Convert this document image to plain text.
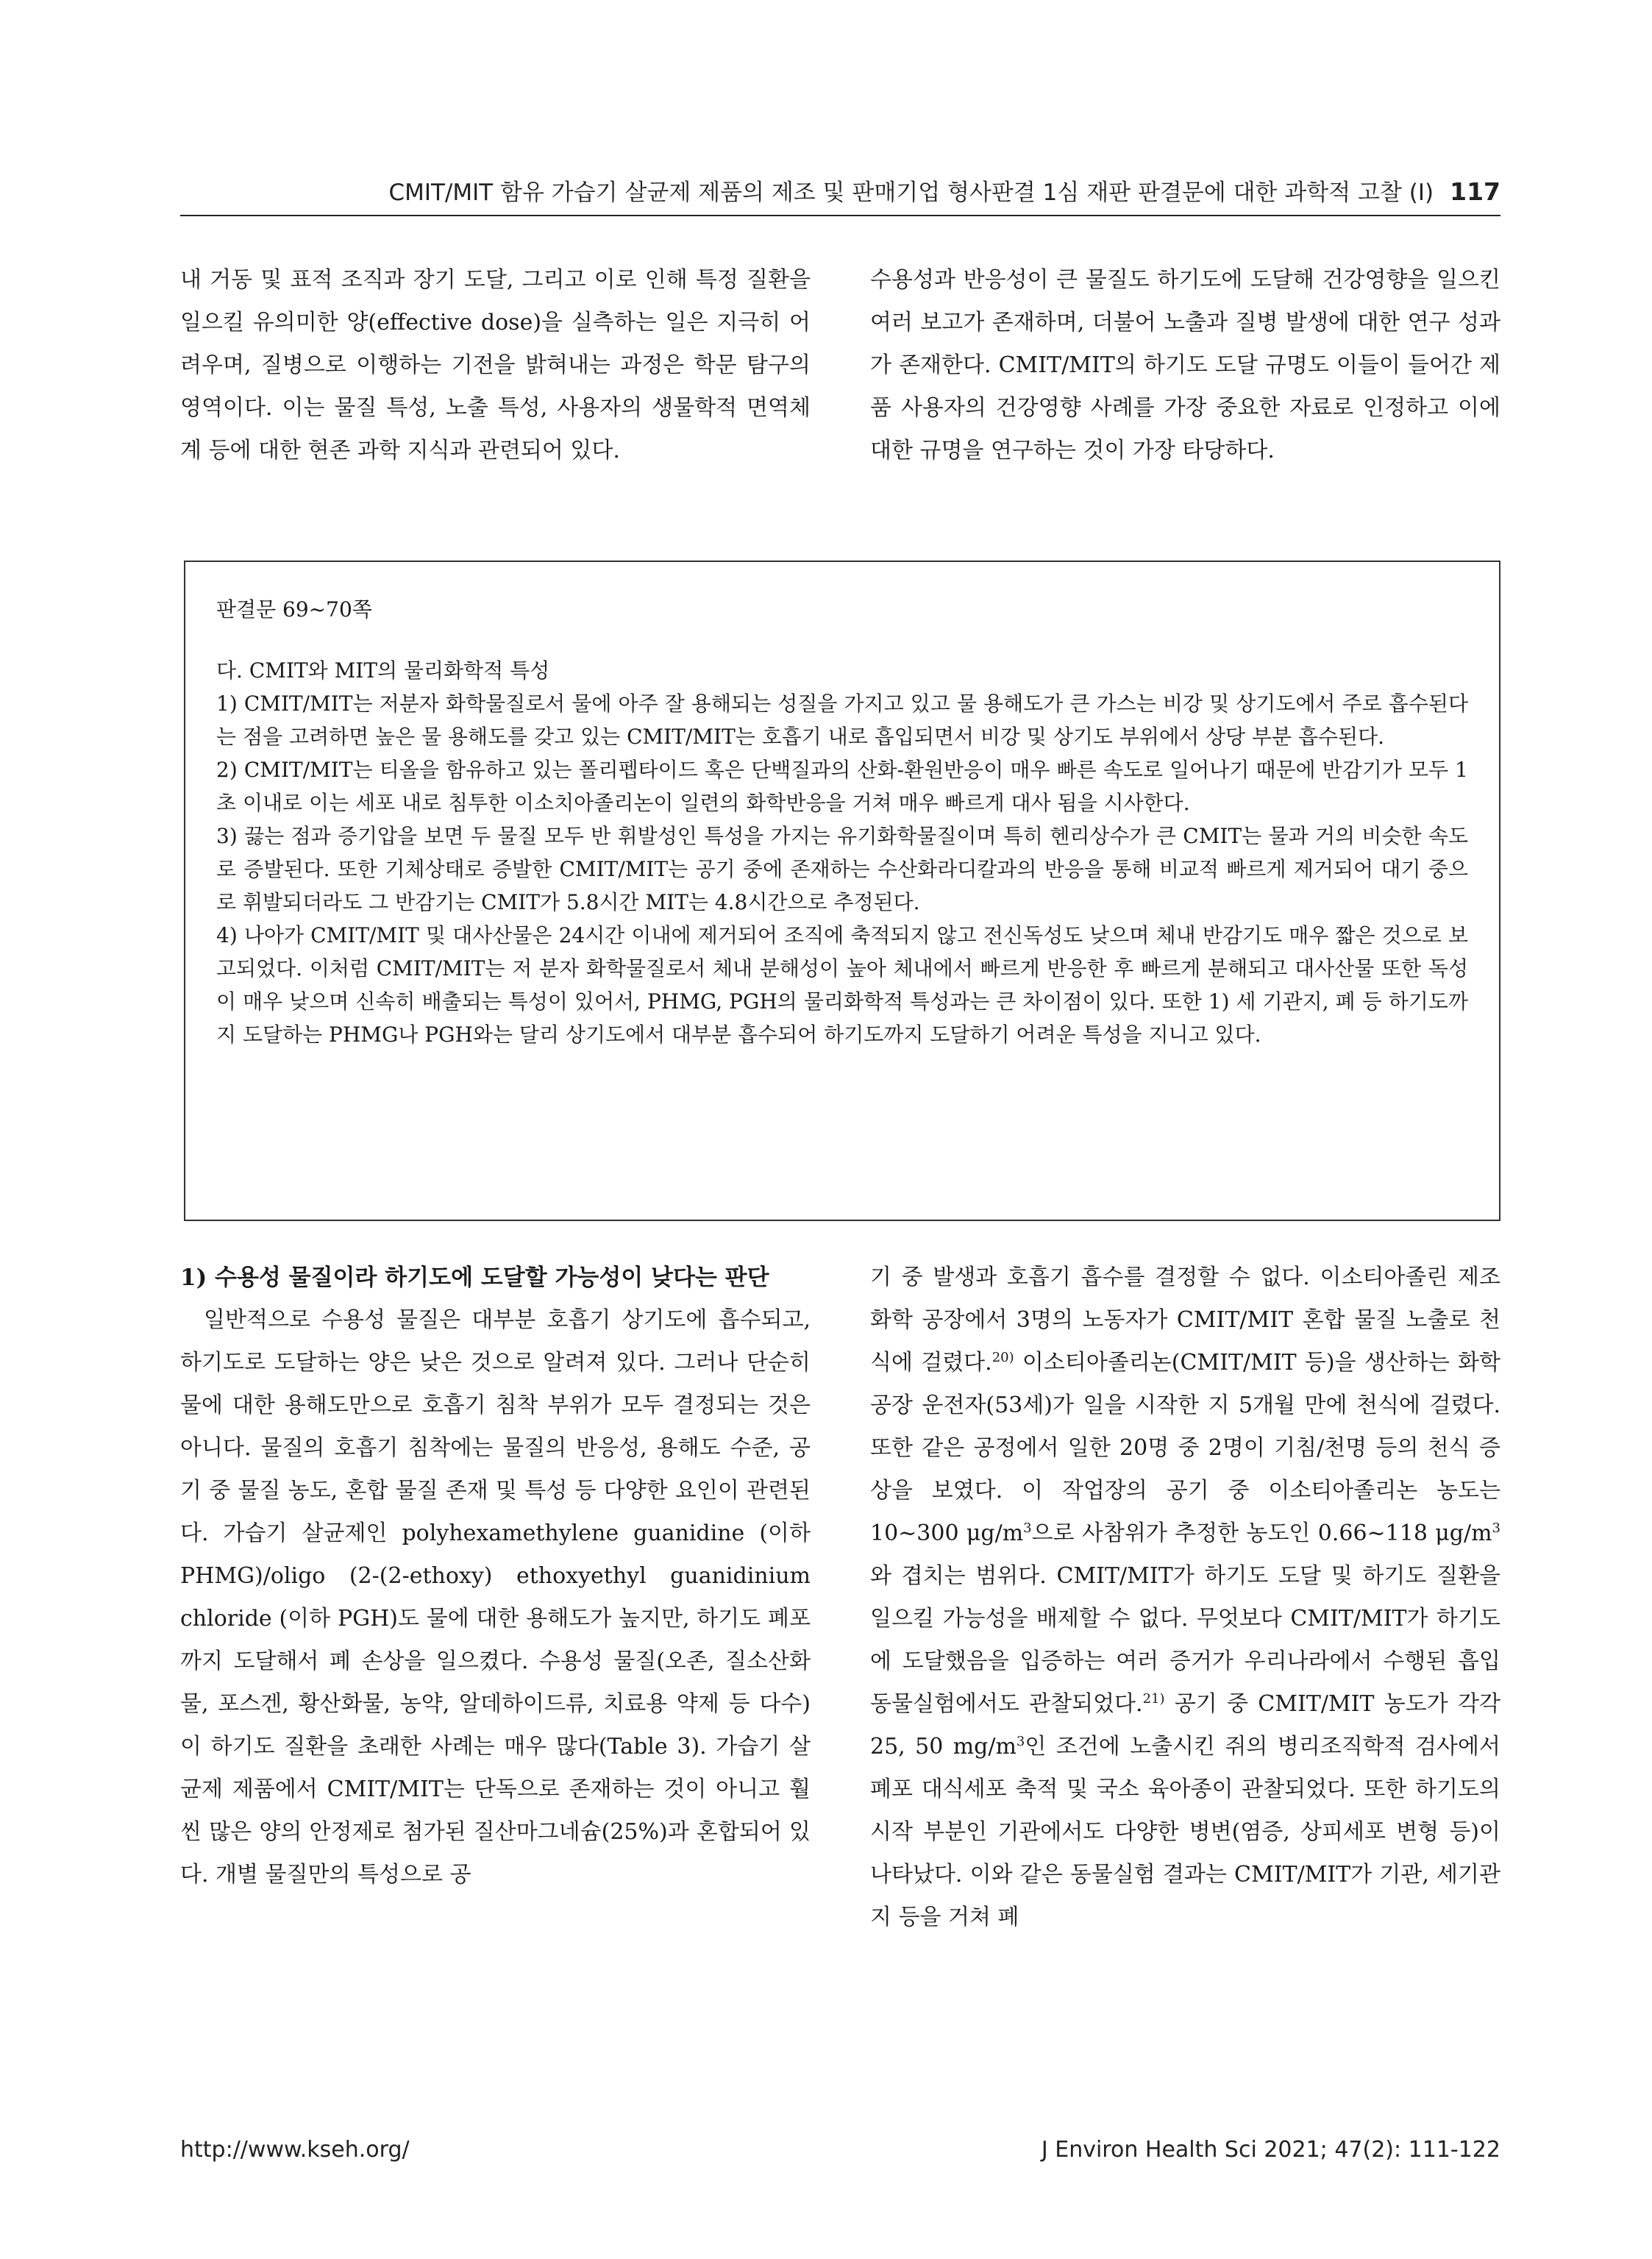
CMIT/MIT 함유 가습기 살균제 제품의 제조 및 판매기업 형사판결 1심 재판 판결문에 대한 과학적 고찰 (I) 117

내 거동 및 표적 조직과 장기 도달, 그리고 이로 인해 특정 질환을 일으킬 유의미한 양(effective dose)을 실측하는 일은 지극히 어려우며, 질병으로 이행하는 기전을 밝혀내는 과정은 학문 탐구의 영역이다. 이는 물질 특성, 노출 특성, 사용자의 생물학적 면역체계 등에 대한 현존 과학 지식과 관련되어 있다.

수용성과 반응성이 큰 물질도 하기도에 도달해 건강영향을 일으킨 여러 보고가 존재하며, 더불어 노출과 질병 발생에 대한 연구 성과가 존재한다. CMIT/MIT의 하기도 도달 규명도 이들이 들어간 제품 사용자의 건강영향 사례를 가장 중요한 자료로 인정하고 이에 대한 규명을 연구하는 것이 가장 타당하다.

판결문 69~70쪽

다. CMIT와 MIT의 물리화학적 특성

1) CMIT/MIT는 저분자 화학물질로서 물에 아주 잘 용해되는 성질을 가지고 있고 물 용해도가 큰 가스는 비강 및 상기도에서 주로 흡수된다는 점을 고려하면 높은 물 용해도를 갖고 있는 CMIT/MIT는 호흡기 내로 흡입되면서 비강 및 상기도 부위에서 상당 부분 흡수된다.

2) CMIT/MIT는 티올을 함유하고 있는 폴리펩타이드 혹은 단백질과의 산화-환원반응이 매우 빠른 속도로 일어나기 때문에 반감기가 모두 1초 이내로 이는 세포 내로 침투한 이소치아졸리논이 일련의 화학반응을 거쳐 매우 빠르게 대사 됨을 시사한다.

3) 끓는 점과 증기압을 보면 두 물질 모두 반 휘발성인 특성을 가지는 유기화학물질이며 특히 헨리상수가 큰 CMIT는 물과 거의 비슷한 속도로 증발된다. 또한 기체상태로 증발한 CMIT/MIT는 공기 중에 존재하는 수산화라디칼과의 반응을 통해 비교적 빠르게 제거되어 대기 중으로 휘발되더라도 그 반감기는 CMIT가 5.8시간 MIT는 4.8시간으로 추정된다.

4) 나아가 CMIT/MIT 및 대사산물은 24시간 이내에 제거되어 조직에 축적되지 않고 전신독성도 낮으며 체내 반감기도 매우 짧은 것으로 보고되었다. 이처럼 CMIT/MIT는 저 분자 화학물질로서 체내 분해성이 높아 체내에서 빠르게 반응한 후 빠르게 분해되고 대사산물 또한 독성이 매우 낮으며 신속히 배출되는 특성이 있어서, PHMG, PGH의 물리화학적 특성과는 큰 차이점이 있다. 또한 1) 세 기관지, 폐 등 하기도까지 도달하는 PHMG나 PGH와는 달리 상기도에서 대부분 흡수되어 하기도까지 도달하기 어려운 특성을 지니고 있다.

1) 수용성 물질이라 하기도에 도달할 가능성이 낮다는 판단

일반적으로 수용성 물질은 대부분 호흡기 상기도에 흡수되고, 하기도로 도달하는 양은 낮은 것으로 알려져 있다. 그러나 단순히 물에 대한 용해도만으로 호흡기 침착 부위가 모두 결정되는 것은 아니다. 물질의 호흡기 침착에는 물질의 반응성, 용해도 수준, 공기 중 물질 농도, 혼합 물질 존재 및 특성 등 다양한 요인이 관련된다. 가습기 살균제인 polyhexamethylene guanidine (이하 PHMG)/oligo (2-(2-ethoxy) ethoxyethyl guanidinium chloride (이하 PGH)도 물에 대한 용해도가 높지만, 하기도 폐포까지 도달해서 폐 손상을 일으켰다. 수용성 물질(오존, 질소산화물, 포스겐, 황산화물, 농약, 알데하이드류, 치료용 약제 등 다수)이 하기도 질환을 초래한 사례는 매우 많다(Table 3). 가습기 살균제 제품에서 CMIT/MIT는 단독으로 존재하는 것이 아니고 훨씬 많은 양의 안정제로 첨가된 질산마그네슘(25%)과 혼합되어 있다. 개별 물질만의 특성으로 공

기 중 발생과 호흡기 흡수를 결정할 수 없다. 이소티아졸린 제조 화학 공장에서 3명의 노동자가 CMIT/MIT 혼합 물질 노출로 천식에 걸렸다.$^{20)}$ 이소티아졸리논(CMIT/MIT 등)을 생산하는 화학 공장 운전자(53세)가 일을 시작한 지 5개월 만에 천식에 걸렸다. 또한 같은 공정에서 일한 20명 중 2명이 기침/천명 등의 천식 증상을 보였다. 이 작업장의 공기 중 이소티아졸리논 농도는 10~300 $\mu g/m^3$으로 사참위가 추정한 농도인 0.66~118 $\mu g/m^3$와 겹치는 범위다. CMIT/MIT가 하기도 도달 및 하기도 질환을 일으킬 가능성을 배제할 수 없다. 무엇보다 CMIT/MIT가 하기도에 도달했음을 입증하는 여러 증거가 우리나라에서 수행된 흡입 동물실험에서도 관찰되었다.$^{21)}$ 공기 중 CMIT/MIT 농도가 각각 25, 50 $mg/m^3$인 조건에 노출시킨 쥐의 병리조직학적 검사에서 폐포 대식세포 축적 및 국소 육아종이 관찰되었다. 또한 하기도의 시작 부분인 기관에서도 다양한 병변(염증, 상피세포 변형 등)이 나타났다. 이와 같은 동물실험 결과는 CMIT/MIT가 기관, 세기관지 등을 거쳐 폐

http://www.kseh.org/	J Environ Health Sci 2021; 47(2): 111-122
